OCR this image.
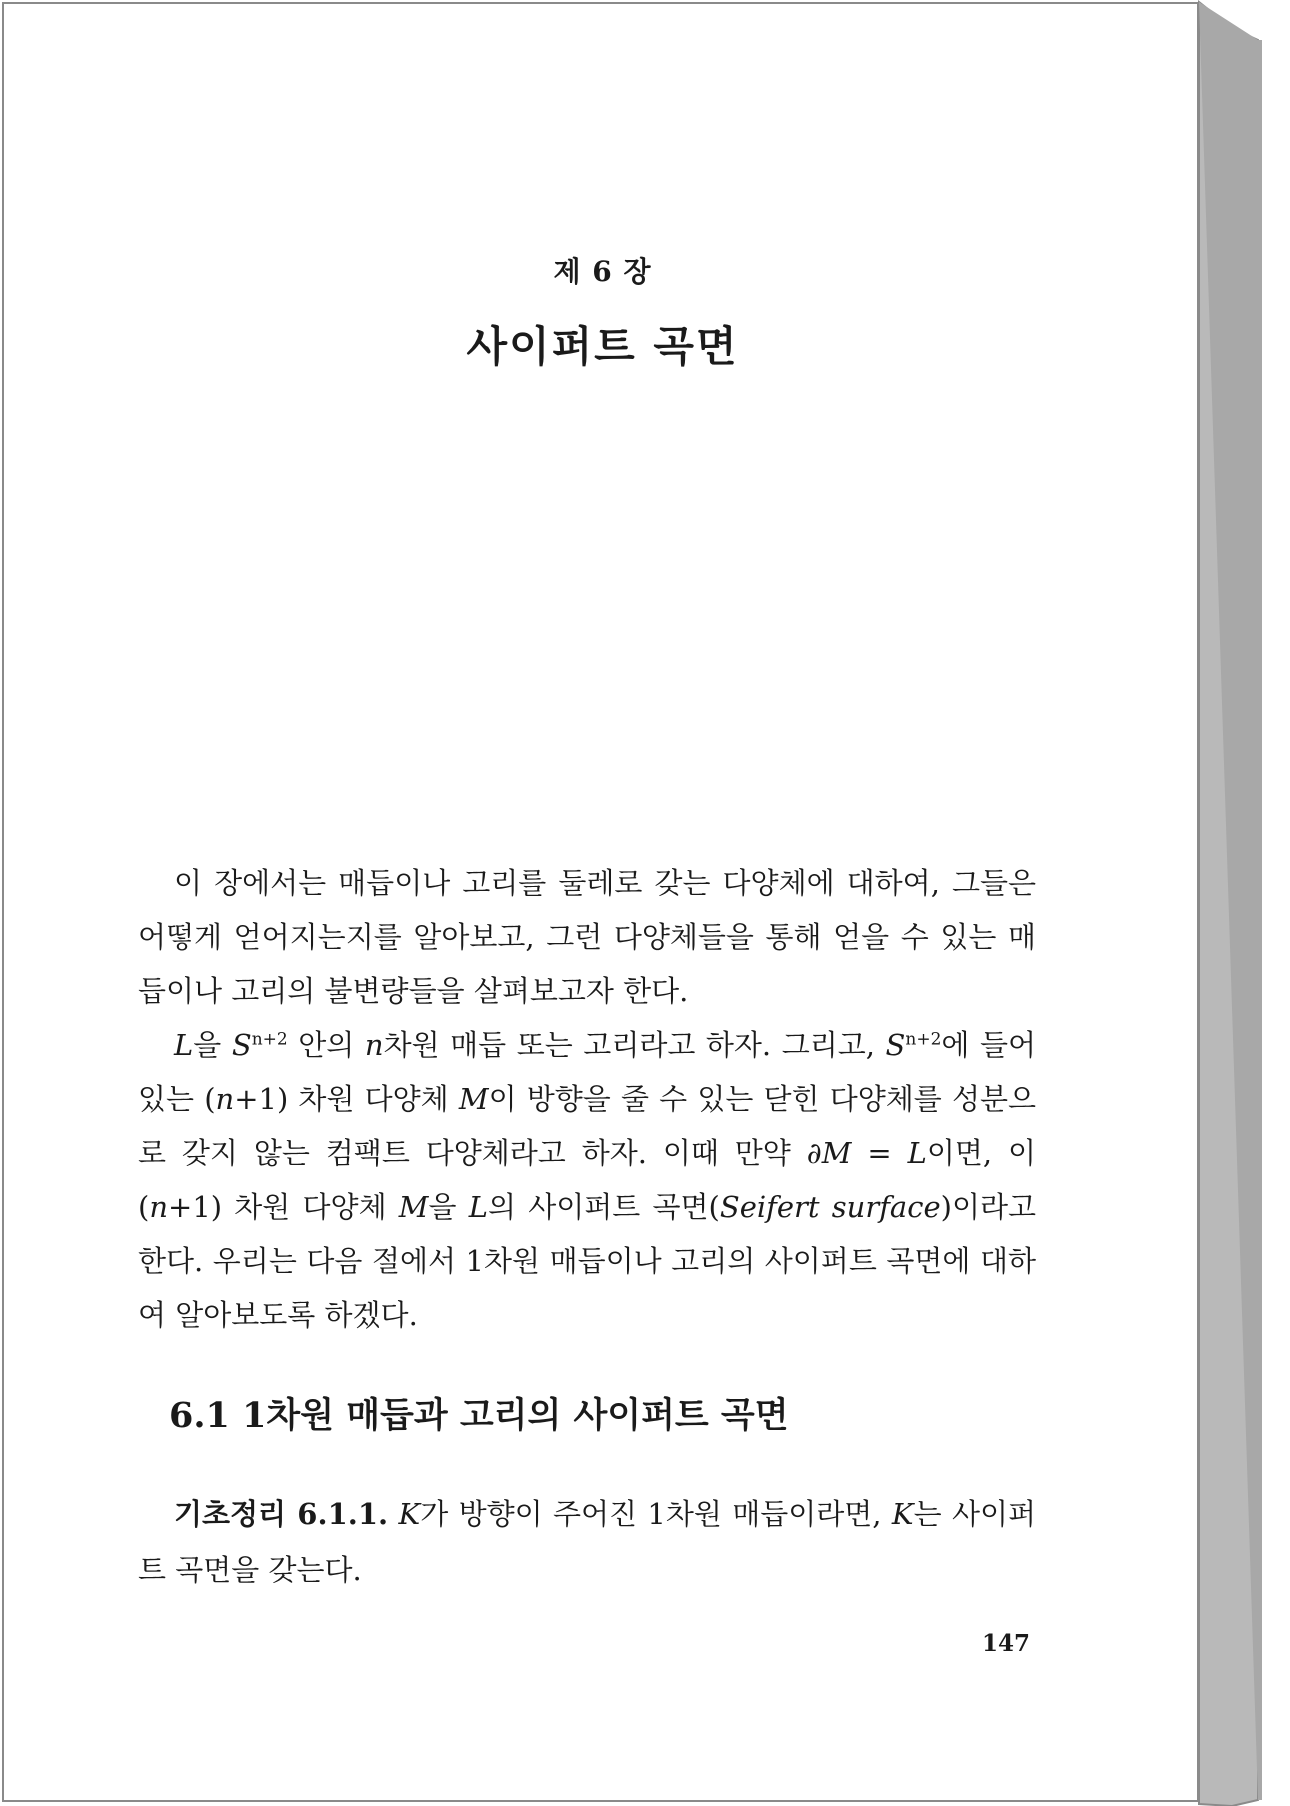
제 6 장
사이퍼트 곡면

이 장에서는 매듭이나 고리를 둘레로 갖는 다양체에 대하여, 그들은 어떻게 얻어지는지를 알아보고, 그런 다양체들을 통해 얻을 수 있는 매듭이나 고리의 불변량들을 살펴보고자 한다.

L을 $S^{n+2}$ 안의 n차원 매듭 또는 고리라고 하자. 그리고, $S^{n+2}$에 들어있는 (n+1) 차원 다양체 M이 방향을 줄 수 있는 닫힌 다양체를 성분으로 갖지 않는 컴팩트 다양체라고 하자. 이때 만약 ∂M = L이면, 이 (n+1) 차원 다양체 M을 L의 사이퍼트 곡면(Seifert surface)이라고 한다. 우리는 다음 절에서 1차원 매듭이나 고리의 사이퍼트 곡면에 대하여 알아보도록 하겠다.

6.1 1차원 매듭과 고리의 사이퍼트 곡면
기초정리 6.1.1. K가 방향이 주어진 1차원 매듭이라면, K는 사이퍼트 곡면을 갖는다.
147
